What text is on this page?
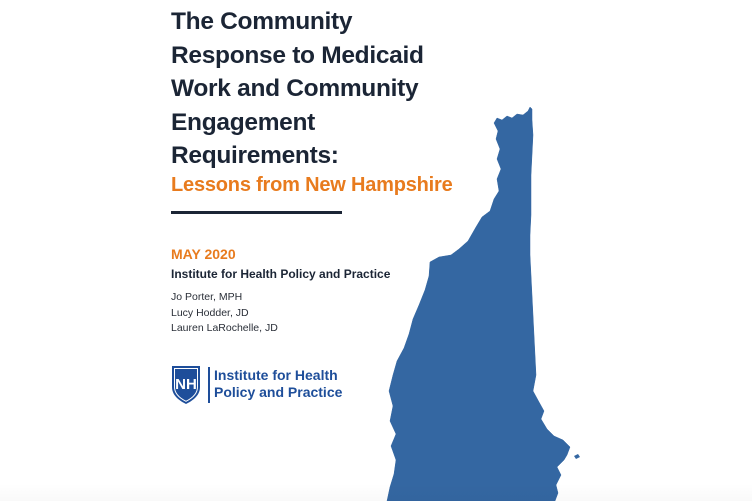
The Community
Response to Medicaid
Work and Community
Engagement
Requirements:

Lessons from New Hampshire

MAY 2020
Institute for Health Policy and Practice
Jo Porter, MPH
Lucy Hodder, JD
Lauren LaRochelle, JD
NH
Institute for Health
Policy and Practice
